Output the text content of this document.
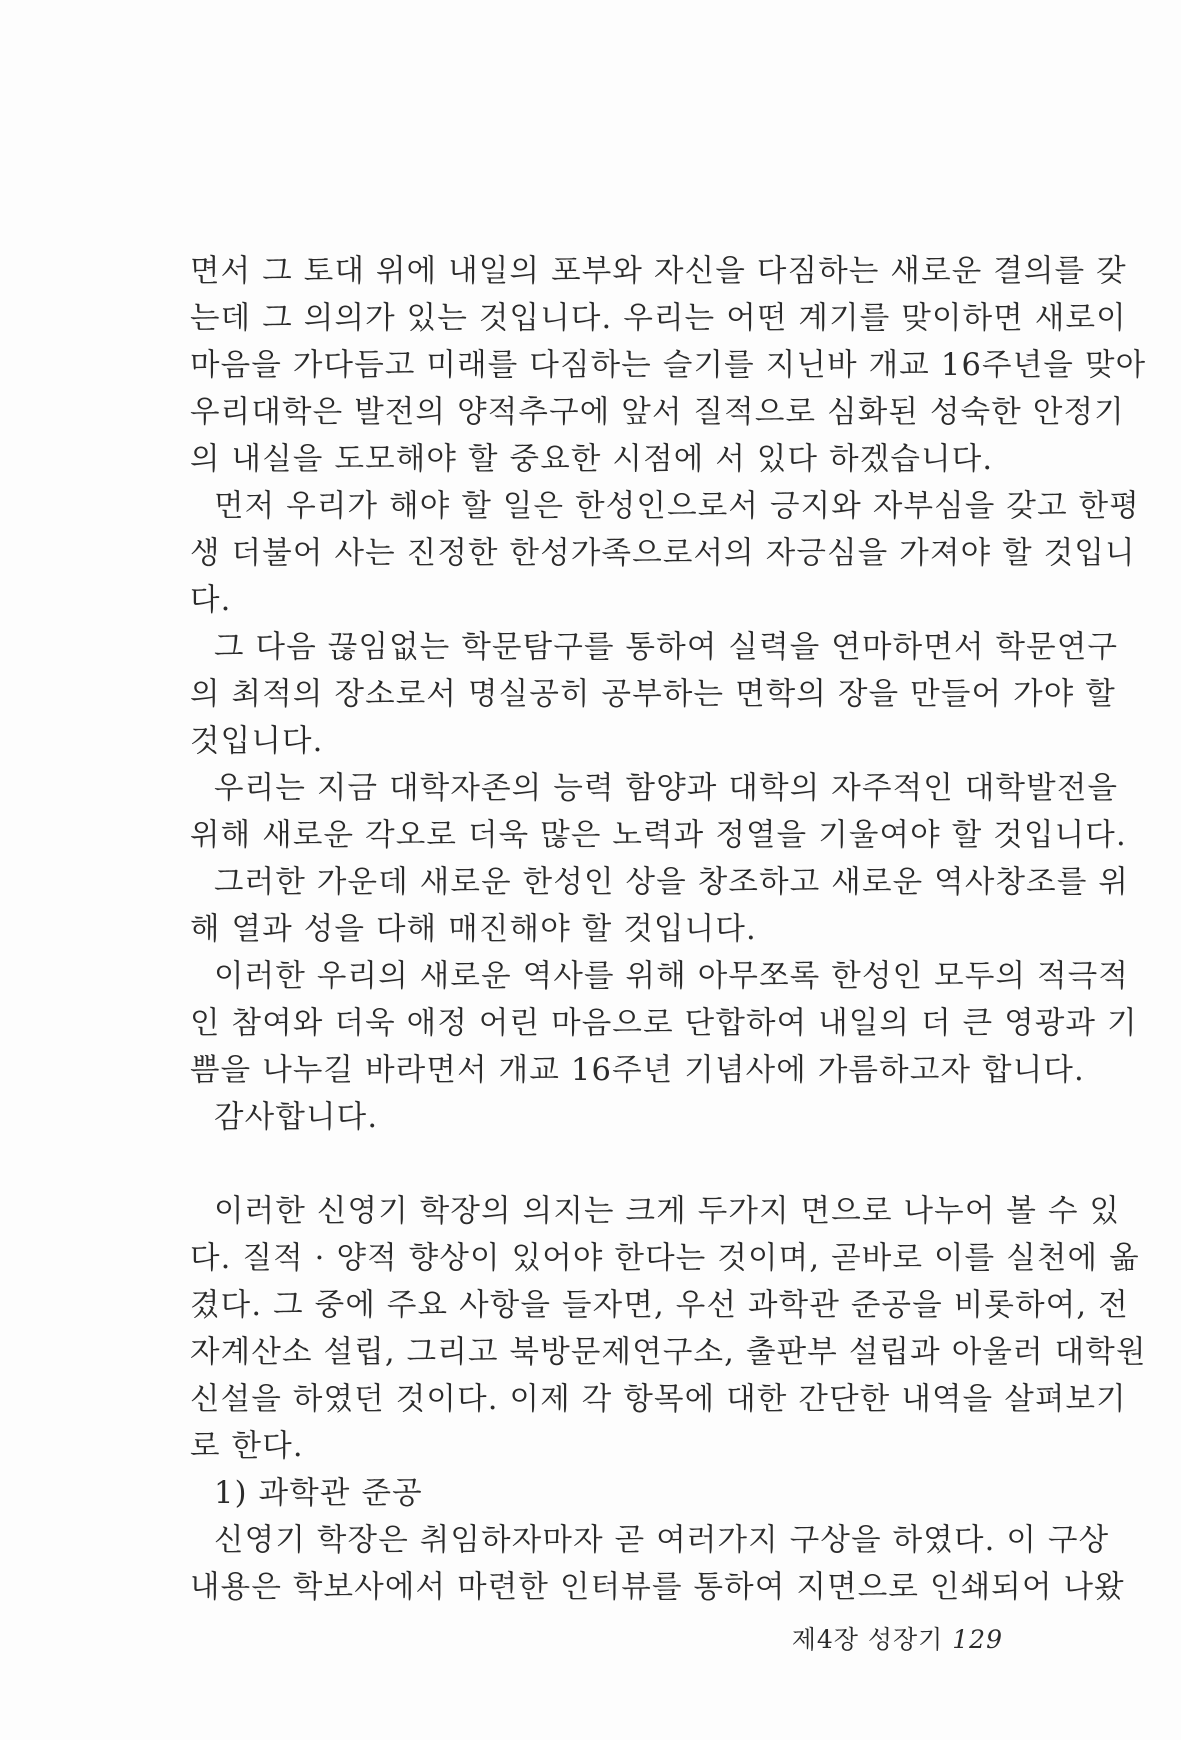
면서 그 토대 위에 내일의 포부와 자신을 다짐하는 새로운 결의를 갖
는데 그 의의가 있는 것입니다. 우리는 어떤 계기를 맞이하면 새로이
마음을 가다듬고 미래를 다짐하는 슬기를 지닌바 개교 16주년을 맞아
우리대학은 발전의 양적추구에 앞서 질적으로 심화된 성숙한 안정기
의 내실을 도모해야 할 중요한 시점에 서 있다 하겠습니다.
먼저 우리가 해야 할 일은 한성인으로서 긍지와 자부심을 갖고 한평
생 더불어 사는 진정한 한성가족으로서의 자긍심을 가져야 할 것입니
다.
그 다음 끊임없는 학문탐구를 통하여 실력을 연마하면서 학문연구
의 최적의 장소로서 명실공히 공부하는 면학의 장을 만들어 가야 할
것입니다.
우리는 지금 대학자존의 능력 함양과 대학의 자주적인 대학발전을
위해 새로운 각오로 더욱 많은 노력과 정열을 기울여야 할 것입니다.
그러한 가운데 새로운 한성인 상을 창조하고 새로운 역사창조를 위
해 열과 성을 다해 매진해야 할 것입니다.
이러한 우리의 새로운 역사를 위해 아무쪼록 한성인 모두의 적극적
인 참여와 더욱 애정 어린 마음으로 단합하여 내일의 더 큰 영광과 기
쁨을 나누길 바라면서 개교 16주년 기념사에 가름하고자 합니다.
감사합니다.
이러한 신영기 학장의 의지는 크게 두가지 면으로 나누어 볼 수 있
다. 질적 · 양적 향상이 있어야 한다는 것이며, 곧바로 이를 실천에 옮
겼다. 그 중에 주요 사항을 들자면, 우선 과학관 준공을 비롯하여, 전
자계산소 설립, 그리고 북방문제연구소, 출판부 설립과 아울러 대학원
신설을 하였던 것이다. 이제 각 항목에 대한 간단한 내역을 살펴보기
로 한다.
1) 과학관 준공
신영기 학장은 취임하자마자 곧 여러가지 구상을 하였다. 이 구상
내용은 학보사에서 마련한 인터뷰를 통하여 지면으로 인쇄되어 나왔
제4장 성장기 129
